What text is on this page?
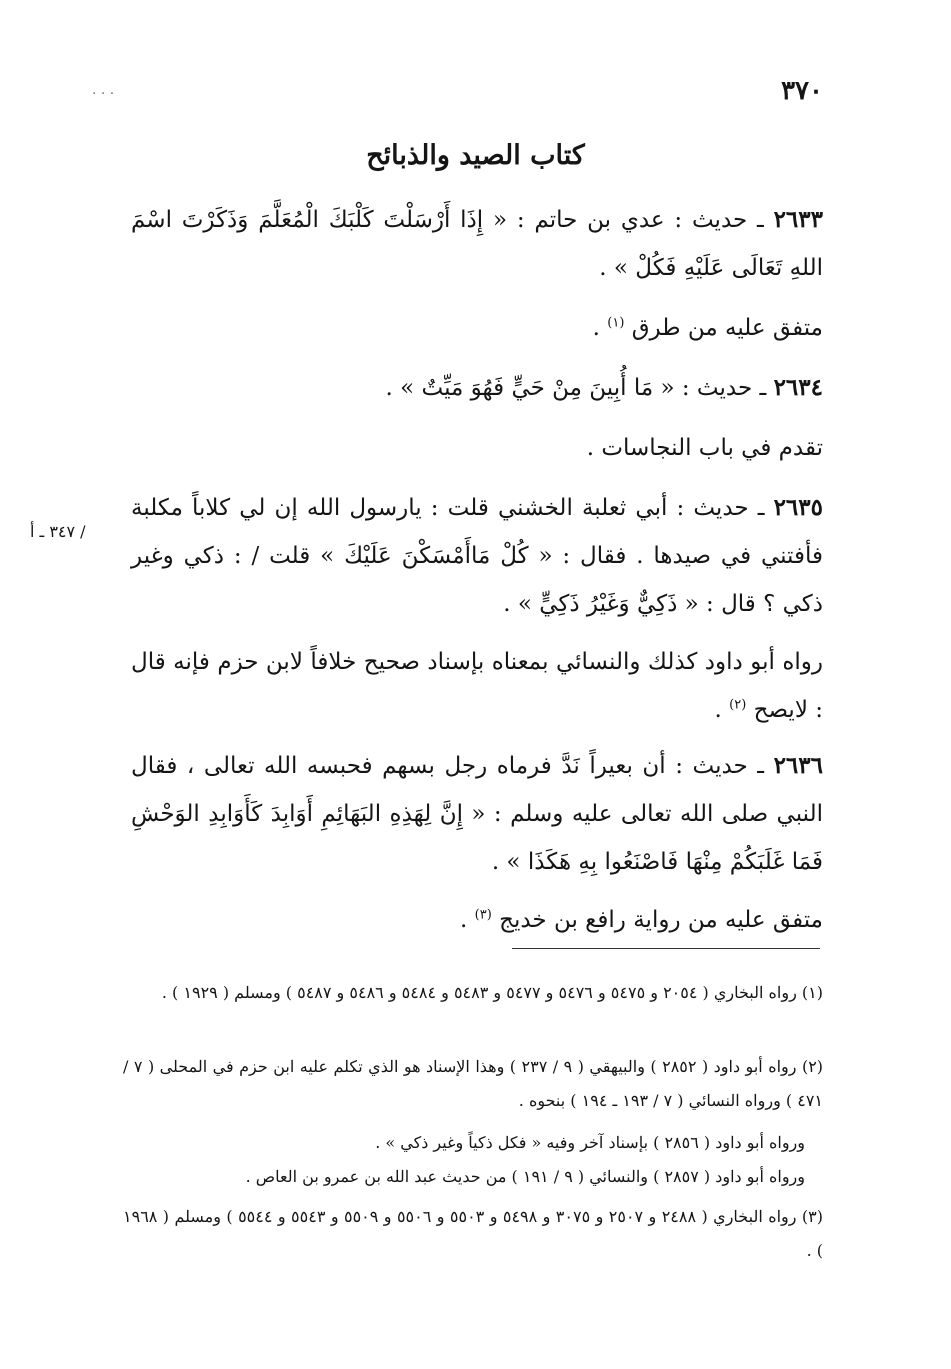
· · ·	٣٧٠
كتاب الصيد والذبائح
/ ٣٤٧ ـ أ
٢٦٣٣ ـ حديث : عدي بن حاتم : « إِذَا أَرْسَلْتَ كَلْبَكَ الْمُعَلَّمَ وَذَكَرْتَ اسْمَ اللهِ تَعَالَى عَلَيْهِ فَكُلْ » .
متفق عليه من طرق $^{(١)}$ .
٢٦٣٤ ـ حديث : « مَا أُبِينَ مِنْ حَيٍّ فَهُوَ مَيِّتٌ » .
تقدم في باب النجاسات .
٢٦٣٥ ـ حديث : أبي ثعلبة الخشني قلت : يارسول الله إن لي كلاباً مكلبة فأفتني في صيدها . فقال : « كُلْ مَاأَمْسَكْنَ عَلَيْكَ » قلت / : ذكي وغير ذكي ؟ قال : « ذَكِيٌّ وَغَيْرُ ذَكِيٍّ » .
رواه أبو داود كذلك والنسائي بمعناه بإسناد صحيح خلافاً لابن حزم فإنه قال : لايصح $^{(٢)}$ .
٢٦٣٦ ـ حديث : أن بعيراً نَدَّ فرماه رجل بسهم فحبسه الله تعالى ، فقال النبي صلى الله تعالى عليه وسلم : « إِنَّ لِهَذِهِ البَهَائِمِ أَوَابِدَ كَأَوَابِدِ الوَحْشِ فَمَا غَلَبَكُمْ مِنْهَا فَاصْنَعُوا بِهِ هَكَذَا » .
متفق عليه من رواية رافع بن خديج $^{(٣)}$ .
(١) رواه البخاري ( ٢٠٥٤ و ٥٤٧٥ و ٥٤٧٦ و ٥٤٧٧ و ٥٤٨٣ و ٥٤٨٤ و ٥٤٨٦ و ٥٤٨٧ ) ومسلم ( ١٩٢٩ ) .
(٢) رواه أبو داود ( ٢٨٥٢ ) والبيهقي ( ٩ / ٢٣٧ ) وهذا الإسناد هو الذي تكلم عليه ابن حزم في المحلى ( ٧ / ٤٧١ ) ورواه النسائي ( ٧ / ١٩٣ ـ ١٩٤ ) بنحوه .
ورواه أبو داود ( ٢٨٥٦ ) بإسناد آخر وفيه « فكل ذكياً وغير ذكي » .
ورواه أبو داود ( ٢٨٥٧ ) والنسائي ( ٩ / ١٩١ ) من حديث عبد الله بن عمرو بن العاص .
(٣) رواه البخاري ( ٢٤٨٨ و ٢٥٠٧ و ٣٠٧٥ و ٥٤٩٨ و ٥٥٠٣ و ٥٥٠٦ و ٥٥٠٩ و ٥٥٤٣ و ٥٥٤٤ ) ومسلم ( ١٩٦٨ ) .
